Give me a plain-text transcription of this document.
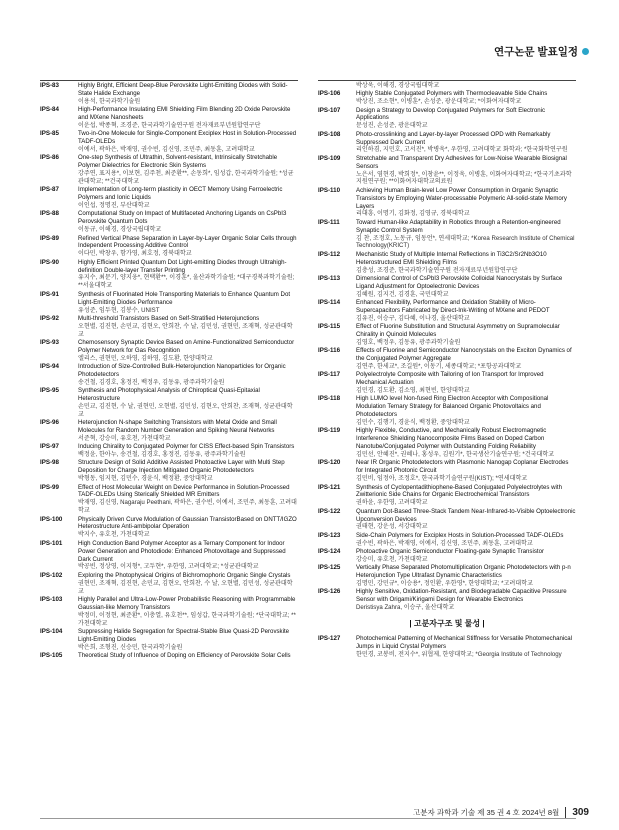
연구논문 발표일정
IPS-83	Highly Bright, Efficient Deep-Blue Perovskite Light-Emitting Diodes with Solid-State Halide Exchange
이용석, 한국과학기술원
IPS-84	High-Performance Insulating EMI Shielding Film Blending 2D Oxide Perovskite and MXene Nanosheets
이운섭, 박종혁, 조경준, 한국과학기술연구원 전자재료부년원합연구단
IPS-85	Two-in-One Molecule for Single-Component Exciplex Host in Solution-Processed TADF-OLEDs
이예서, 곽하은, 박재영, 권수빈, 김신영, 조민주, 최동훈, 고려대학교
IPS-86	One-step Synthesis of Ultrathin, Solvent-resistant, Intrinsically Stretchable Polymer Dielectrics for Electronic Skin Systems
강주연, 표지용*, 이보현, 김주천, 최준환**, 손동희*, 임성갑, 한국과학기술원; *성균관대학교; **건국대학교
IPS-87	Implementation of Long-term plasticity in OECT Memory Using Ferroelectric Polymers and Ionic Liquids
이인섭, 정명진, 부산대학교
IPS-88	Computational Study on Impact of Multifaceted Anchoring Ligands on CsPbI3 Perovskite Quantum Dots
이동규, 이해경, 경상국립대학교
IPS-89	Refined Vertical Phase Separation in Layer-by-Layer Organic Solar Cells through Independent Processing Additive Control
이다민, 박창우, 함가영, 최호정, 경북대학교
IPS-90	Highly Efficient Printed Quantum Dot Light-emitting Diodes through Ultrahigh-definition Double-layer Transfer Printing
유지수, 최문기, 양지웅*, 현택환**, 이경훈*, 울산과학기술원; *대구경북과학기술원; **서울대학교
IPS-91	Synthesis of Fluorinated Hole Transporting Materials to Enhance Quantum Dot Light-Emitting Diodes Performance
유성준, 임두현, 김봉수, UNIST
IPS-92	Multi-threshold Transistors Based on Self-Stratified Heterojunctions
오현별, 김진현, 손민교, 김현오, 안희찬, 수 날, 김민성, 권현민, 조재혁, 성균관대학교
IPS-93	Chemosensory Synaptic Device Based on Amine-Functionalized Semiconductor Polymer Network for Gas Recognition
엘리스, 권현민, 오하영, 김하영, 김도환, 한양대학교
IPS-94	Introduction of Size-Controlled Bulk-Heterojunction Nanoparticles for Organic Photodetectors
송건철, 김경호, 홍정진, 백정우, 김동유, 광주과학기술원
IPS-95	Synthesis and Photophysical Analysis of Chiroptical Quasi-Epitaxial Heterostructure
손민교, 김진현, 수 날, 권현민, 오현별, 김민성, 김현오, 안희찬, 조재혁, 성균관대학교
IPS-96	Heterojunction N-shape Switching Transistors with Metal Oxide and Small Molecules for Random Number Generation and Spiking Neural Networks
서준혁, 강승미, 유호천, 가천대학교
IPS-97	Inducing Chirality to Conjugated Polymer for CISS Effect-based Spin Transistors
백정윤, 한아누, 송건철, 김경호, 홍정진, 김동유, 광주과학기술원
IPS-98	Structure Design of Solid Additive Assisted Photoactive Layer with Multi Step Deposition for Charge Injection Mitigated Organic Photodetectors
박형동, 임지현, 김민수, 경윤식, 백정환, 중앙대학교
IPS-99	Effect of Host Molecular Weight on Device Performance in Solution-Processed TADF-OLEDs Using Sterically Shielded MR Emitters
박재영, 김신영, Nagaraju Peethani, 곽하은, 권수빈, 이예서, 조민주, 최동훈, 고려대학교
IPS-100	Physically Driven Curve Modulation of Gaussian TransistorBased on DNTT/IGZO Heterostructure Anti-ambipolar Operation
박지수, 유호천, 가천대학교
IPS-101	High Conduction Band Polymer Acceptor as a Ternary Component for Indoor Power Generation and Photodiode: Enhanced Photovoltage and Suppressed Dark Current
박공빈, 정상영, 이지형*, 고두현*, 우한영, 고려대학교; *성균관대학교
IPS-102	Exploring the Photophysical Origins of Bichromophoric Organic Single Crystals
권현민, 조재혁, 김진현, 손민교, 김현오, 안희찬, 수 날, 오현별, 김민성, 성균관대학교
IPS-103	Highly Parallel and Ultra-Low-Power Probabilistic Reasoning with Programmable Gaussian-like Memory Transistors
박정미, 이정현, 최준환*, 이충열, 유호천**, 임성갑, 한국과학기술원; *단국대학교; **가천대학교
IPS-104	Suppressing Halide Segregation for Spectral-Stable Blue Quasi-2D Perovskite Light-Emitting Diodes
박은희, 조형진, 신승민, 한국과학기술원
IPS-105	Theoretical Study of Influence of Doping on Efficiency of Perovskite Solar Cells
박상욱, 이해경, 경상국립대학교
IPS-106	Highly Stable Conjugated Polymers with Thermocleavable Side Chains
박상진, 조소현*, 이병훈*, 손성준, 광운대학교; *이화여자대학교
IPS-107	Design a Strategy to Develop Conjugated Polymers for Soft Electronic Applications
문성진, 손성준, 광운대학교
IPS-108	Photo-crosslinking and Layer-by-layer Processed OPD with Remarkably Suppressed Dark Current
리인하겸, 지민호, 고서진*, 박병욱*, 우한영, 고려대학교 화학과; *한국화학연구원
IPS-109	Stretchable and Transparent Dry Adhesives for Low-Noise Wearable Biosignal Sensors
노은서, 염현경, 박희정*, 이창윤**, 이정욱, 이병훈, 이화여자대학교; *한국기초과학지원연구원; **이화여자대학교의료원
IPS-110	Achieving Human Brain-level Low Power Consumption in Organic Synaptic Transistors by Employing Water-processable Polymeric All-solid-state Memory Layers
리대흥, 이명기, 김화정, 김영규, 경북대학교
IPS-111	Toward Human-like Adaptability in Robotics through a Retention-engineered Synaptic Control System
김 찬, 조정호, 노동규, 임동언*, 연세대학교; *Korea Research Institute of Chemical Technology(KRICT)
IPS-112	Mechanistic Study of Multiple Internal Reflections in Ti3C2/Sr2Nb3O10 Heterostructured EMI Shielding Films
김충성, 조경준, 한국과학기술연구원 전자재료부년원합연구단
IPS-113	Dimensional Control of CsPbI3 Perovskite Colloidal Nanocrystals by Surface Ligand Adjustment for Optoelectronic Devices
김혜원, 김지건, 김경훈, 국민대학교
IPS-114	Enhanced Flexibility, Performance and Oxidation Stability of Micro-Supercapacitors Fabricated by Direct-Ink-Writing of MXene and PEDOT
김유진, 이승구, 김다혜, 이나경, 울산대학교
IPS-115	Effect of Fluorine Substitution and Structural Asymmetry on Supramolecular Chirality in Quinoid Molecules
김영호, 백정우, 김동유, 광주과학기술원
IPS-116	Effects of Fluorine and Semiconductor Nanocrystals on the Exciton Dynamics of the Conjugated Polymer Aggregate
김연주, 한세교*, 조길원*, 이동기, 세종대학교; *포항공과대학교
IPS-117	Polyelectrolyte Composite with Tailoring of Ion Transport for Improved Mechanical Actuation
김민경, 김도환, 김소영, 최현빈, 한양대학교
IPS-118	High LUMO level Non-fused Ring Electron Acceptor with Compositional Modulation Ternary Strategy for Balanced Organic Photovoltaics and Photodetectors
김민수, 김행기, 경윤식, 백정환, 중앙대학교
IPS-119	Highly Flexible, Conductive, and Mechanically Robust Electromagnetic Interference Shielding Nanocomposite Films Based on Doped Carbon Nanotube/Conjugated Polymer with Outstanding Folding Reliability
김민선, 안혜진*, 권혜나, 홍성우, 김원기*, 한국생산기술연구원; *건국대학교
IPS-120	Near IR Organic Photodetectors with Plasmonic Nanogap Coplanar Electrodes for Integrated Photonic Circuit
김민비, 임정아, 조정호*, 한국과학기술연구원(KIST); *연세대학교
IPS-121	Synthesis of Cyclopentadithiophene-Based Conjugated Polyelectrolytes with Zwitterionic Side Chains for Organic Electrochemical Transistors
권하윤, 우한영, 고려대학교
IPS-122	Quantum Dot-Based Three-Stack Tandem Near-Infrared-to-Visible Optoelectronic Upconversion Devices
권태현, 강운성, 서강대학교
IPS-123	Side-Chain Polymers for Exciplex Hosts in Solution-Processed TADF-OLEDs
권수빈, 곽하은, 박재영, 이예서, 김신영, 조민주, 최동훈, 고려대학교
IPS-124	Photoactive Organic Semiconductor Floating-gate Synaptic Transistor
강승미, 유호천, 가천대학교
IPS-125	Vertically Phase Separated Photomultiplication Organic Photodetectors with p-n Heterojunction Type Ultrafast Dynamic Characteristics
김명민, 강민규*, 이승용*, 정인환, 우한영*, 한양대학교; *고려대학교
IPS-126	Highly Sensitive, Oxidation-Resistant, and Biodegradable Capacitive Pressure Sensor with Origami/Kirigami Design for Wearable Electronics
Deristisya Zahra, 이승구, 울산대학교
| 고분자구조 및 물성 |
IPS-127	Photochemical Patterning of Mechanical Stiffness for Versatile Photomechanical Jumps in Liquid Crystal Polymers
한민경, 코봉비, 전지수*, 위협제, 한양대학교; *Georgia Institute of Technology
고분자 과학과 기술 제 35 권 4 호 2024년 8월	309
